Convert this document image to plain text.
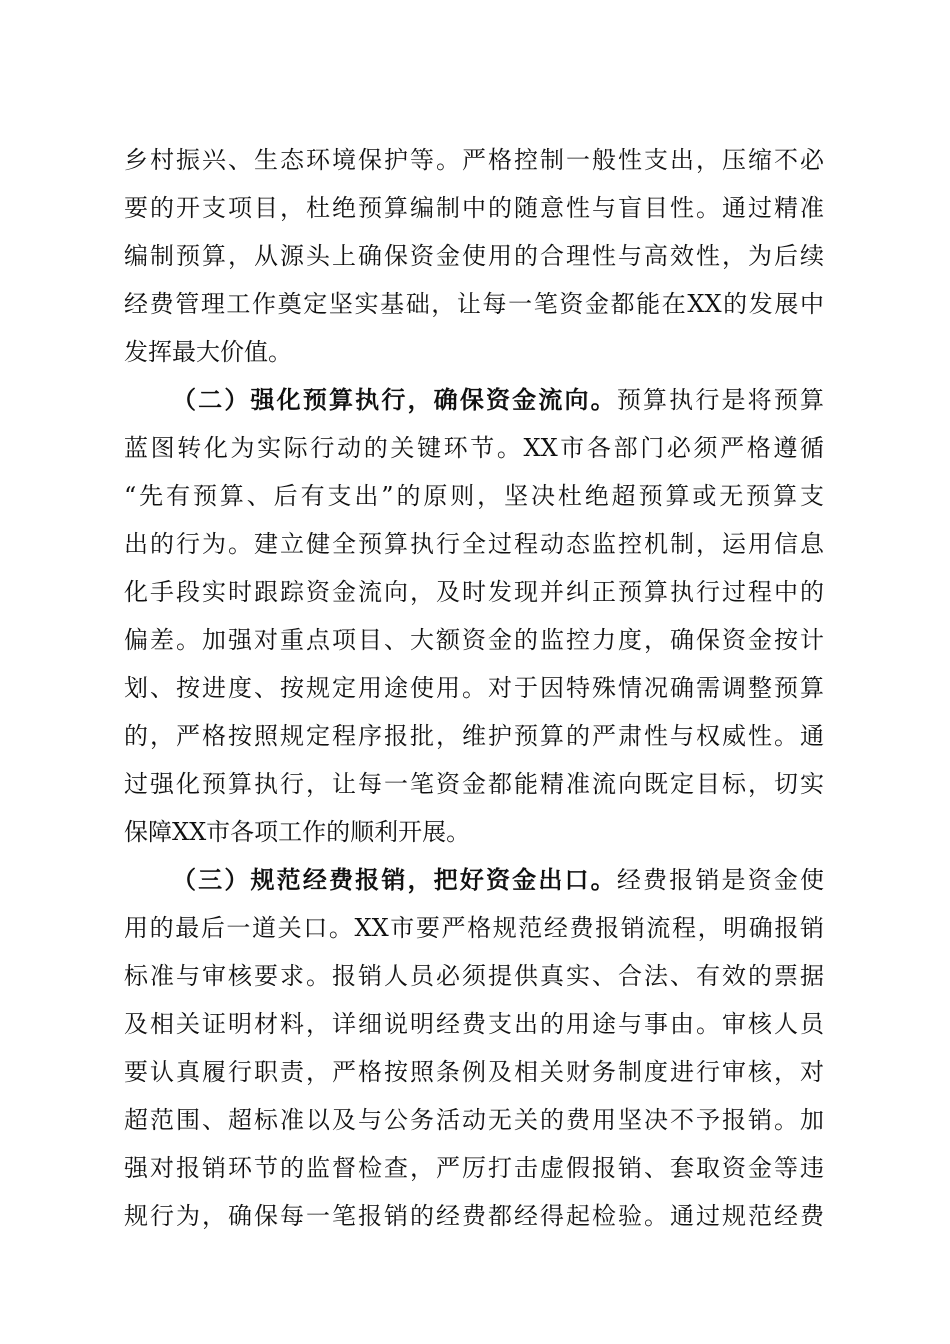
乡村振兴、生态环境保护等。严格控制一般性支出，压缩不必
要的开支项目，杜绝预算编制中的随意性与盲目性。通过精准
编制预算，从源头上确保资金使用的合理性与高效性，为后续
经费管理工作奠定坚实基础，让每一笔资金都能在XX的发展中
发挥最大价值。
（二）强化预算执行，确保资金流向。预算执行是将预算
蓝图转化为实际行动的关键环节。XX市各部门必须严格遵循
“先有预算、后有支出”的原则，坚决杜绝超预算或无预算支
出的行为。建立健全预算执行全过程动态监控机制，运用信息
化手段实时跟踪资金流向，及时发现并纠正预算执行过程中的
偏差。加强对重点项目、大额资金的监控力度，确保资金按计
划、按进度、按规定用途使用。对于因特殊情况确需调整预算
的，严格按照规定程序报批，维护预算的严肃性与权威性。通
过强化预算执行，让每一笔资金都能精准流向既定目标，切实
保障XX市各项工作的顺利开展。
（三）规范经费报销，把好资金出口。经费报销是资金使
用的最后一道关口。XX市要严格规范经费报销流程，明确报销
标准与审核要求。报销人员必须提供真实、合法、有效的票据
及相关证明材料，详细说明经费支出的用途与事由。审核人员
要认真履行职责，严格按照条例及相关财务制度进行审核，对
超范围、超标准以及与公务活动无关的费用坚决不予报销。加
强对报销环节的监督检查，严厉打击虚假报销、套取资金等违
规行为，确保每一笔报销的经费都经得起检验。通过规范经费
